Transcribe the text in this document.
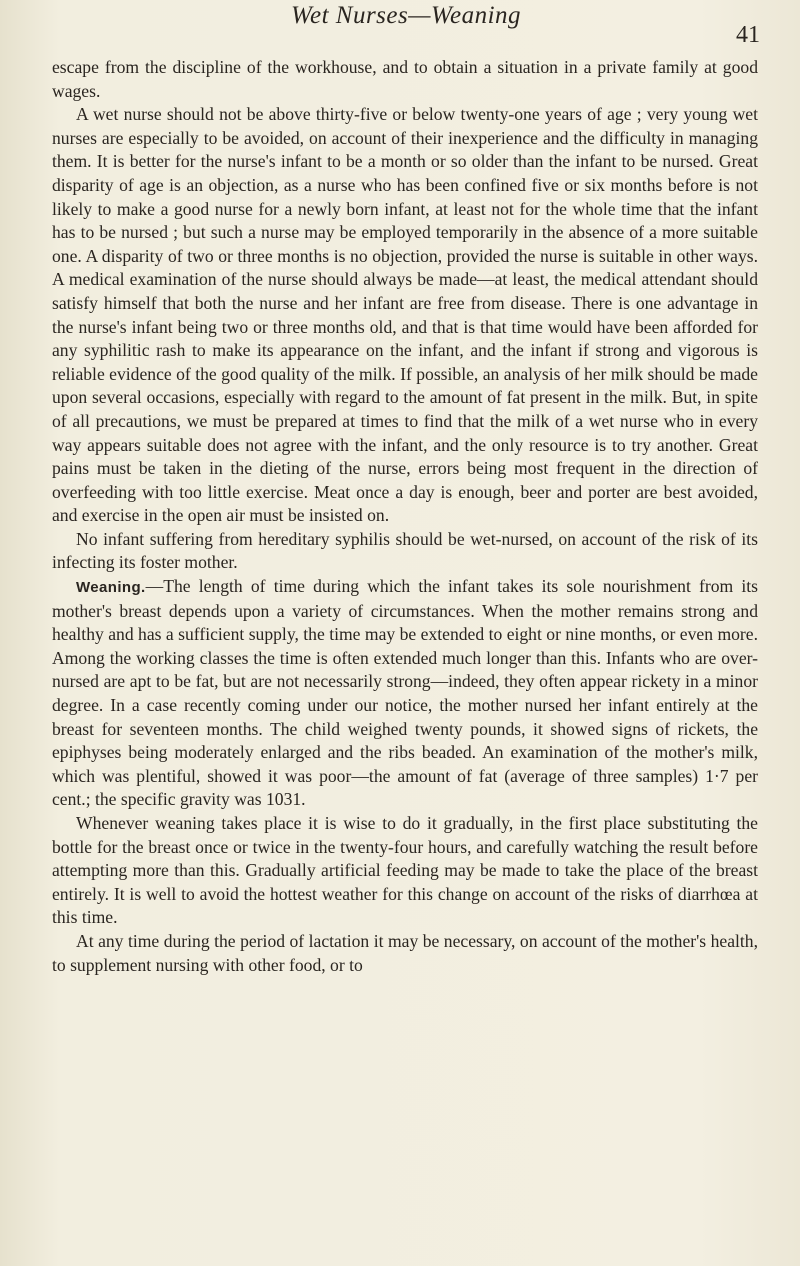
Wet Nurses—Weaning
41

escape from the discipline of the workhouse, and to obtain a situation in a private family at good wages.

A wet nurse should not be above thirty-five or below twenty-one years of age ; very young wet nurses are especially to be avoided, on account of their inexperience and the difficulty in managing them. It is better for the nurse's infant to be a month or so older than the infant to be nursed. Great disparity of age is an objection, as a nurse who has been confined five or six months before is not likely to make a good nurse for a newly born infant, at least not for the whole time that the infant has to be nursed ; but such a nurse may be employed temporarily in the absence of a more suitable one. A disparity of two or three months is no objection, provided the nurse is suitable in other ways. A medical examination of the nurse should always be made—at least, the medical attendant should satisfy himself that both the nurse and her infant are free from disease. There is one advantage in the nurse's infant being two or three months old, and that is that time would have been afforded for any syphilitic rash to make its appearance on the infant, and the infant if strong and vigorous is reliable evidence of the good quality of the milk. If possible, an analysis of her milk should be made upon several occasions, especially with regard to the amount of fat present in the milk. But, in spite of all precautions, we must be prepared at times to find that the milk of a wet nurse who in every way appears suitable does not agree with the infant, and the only resource is to try another. Great pains must be taken in the dieting of the nurse, errors being most frequent in the direction of overfeeding with too little exercise. Meat once a day is enough, beer and porter are best avoided, and exercise in the open air must be insisted on.

No infant suffering from hereditary syphilis should be wet-nursed, on account of the risk of its infecting its foster mother.

Weaning.—The length of time during which the infant takes its sole nourishment from its mother's breast depends upon a variety of circumstances. When the mother remains strong and healthy and has a sufficient supply, the time may be extended to eight or nine months, or even more. Among the working classes the time is often extended much longer than this. Infants who are over-nursed are apt to be fat, but are not necessarily strong—indeed, they often appear rickety in a minor degree. In a case recently coming under our notice, the mother nursed her infant entirely at the breast for seventeen months. The child weighed twenty pounds, it showed signs of rickets, the epiphyses being moderately enlarged and the ribs beaded. An examination of the mother's milk, which was plentiful, showed it was poor—the amount of fat (average of three samples) 1·7 per cent.; the specific gravity was 1031.

Whenever weaning takes place it is wise to do it gradually, in the first place substituting the bottle for the breast once or twice in the twenty-four hours, and carefully watching the result before attempting more than this. Gradually artificial feeding may be made to take the place of the breast entirely. It is well to avoid the hottest weather for this change on account of the risks of diarrhœa at this time.

At any time during the period of lactation it may be necessary, on account of the mother's health, to supplement nursing with other food, or to
